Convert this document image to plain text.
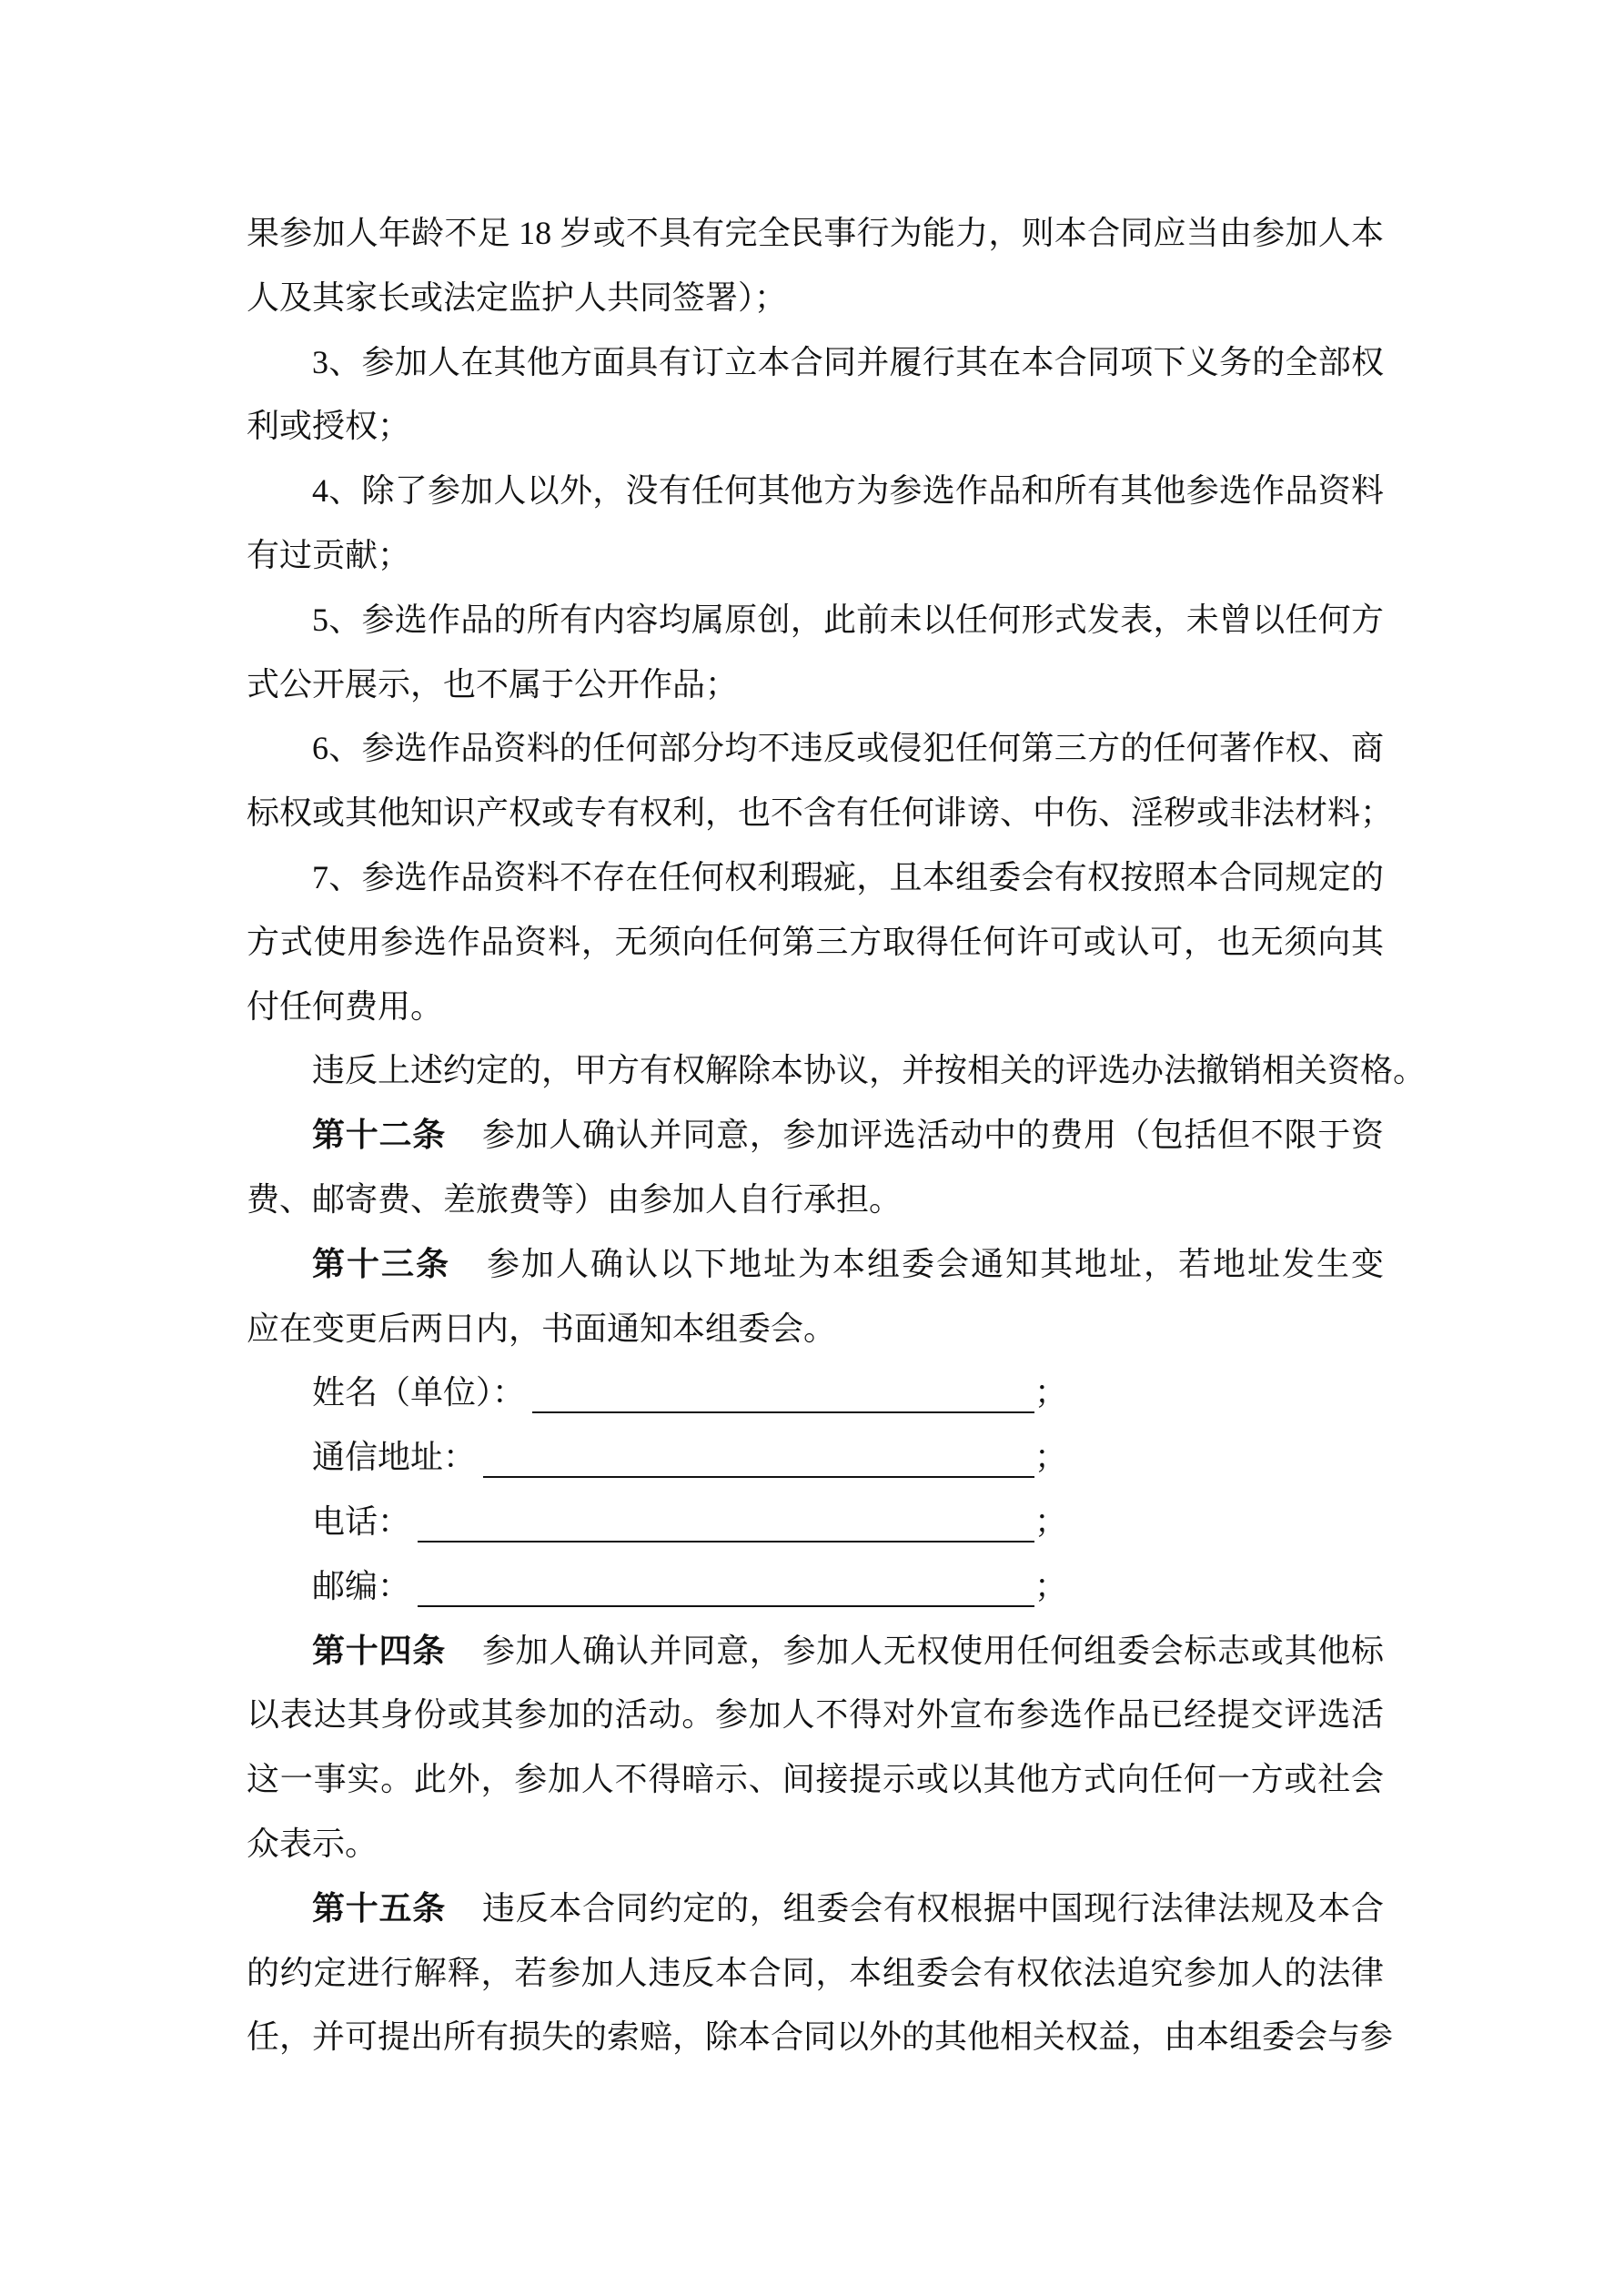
果参加人年龄不足 18 岁或不具有完全民事行为能力，则本合同应当由参加人本
人及其家长或法定监护人共同签署）；
3、参加人在其他方面具有订立本合同并履行其在本合同项下义务的全部权
利或授权；
4、除了参加人以外，没有任何其他方为参选作品和所有其他参选作品资料
有过贡献；
5、参选作品的所有内容均属原创，此前未以任何形式发表，未曾以任何方
式公开展示，也不属于公开作品；
6、参选作品资料的任何部分均不违反或侵犯任何第三方的任何著作权、商
标权或其他知识产权或专有权利，也不含有任何诽谤、中伤、淫秽或非法材料；
7、参选作品资料不存在任何权利瑕疵，且本组委会有权按照本合同规定的
方式使用参选作品资料，无须向任何第三方取得任何许可或认可，也无须向其
付任何费用。
违反上述约定的，甲方有权解除本协议，并按相关的评选办法撤销相关资格。
第十二条 参加人确认并同意，参加评选活动中的费用（包括但不限于资
费、邮寄费、差旅费等）由参加人自行承担。
第十三条 参加人确认以下地址为本组委会通知其地址，若地址发生变
应在变更后两日内，书面通知本组委会。
姓名（单位）：	；
通信地址：	；
电话：	；
邮编：	；
第十四条 参加人确认并同意，参加人无权使用任何组委会标志或其他标
以表达其身份或其参加的活动。参加人不得对外宣布参选作品已经提交评选活
这一事实。此外，参加人不得暗示、间接提示或以其他方式向任何一方或社会
众表示。
第十五条 违反本合同约定的，组委会有权根据中国现行法律法规及本合
的约定进行解释，若参加人违反本合同，本组委会有权依法追究参加人的法律
任，并可提出所有损失的索赔，除本合同以外的其他相关权益，由本组委会与参
